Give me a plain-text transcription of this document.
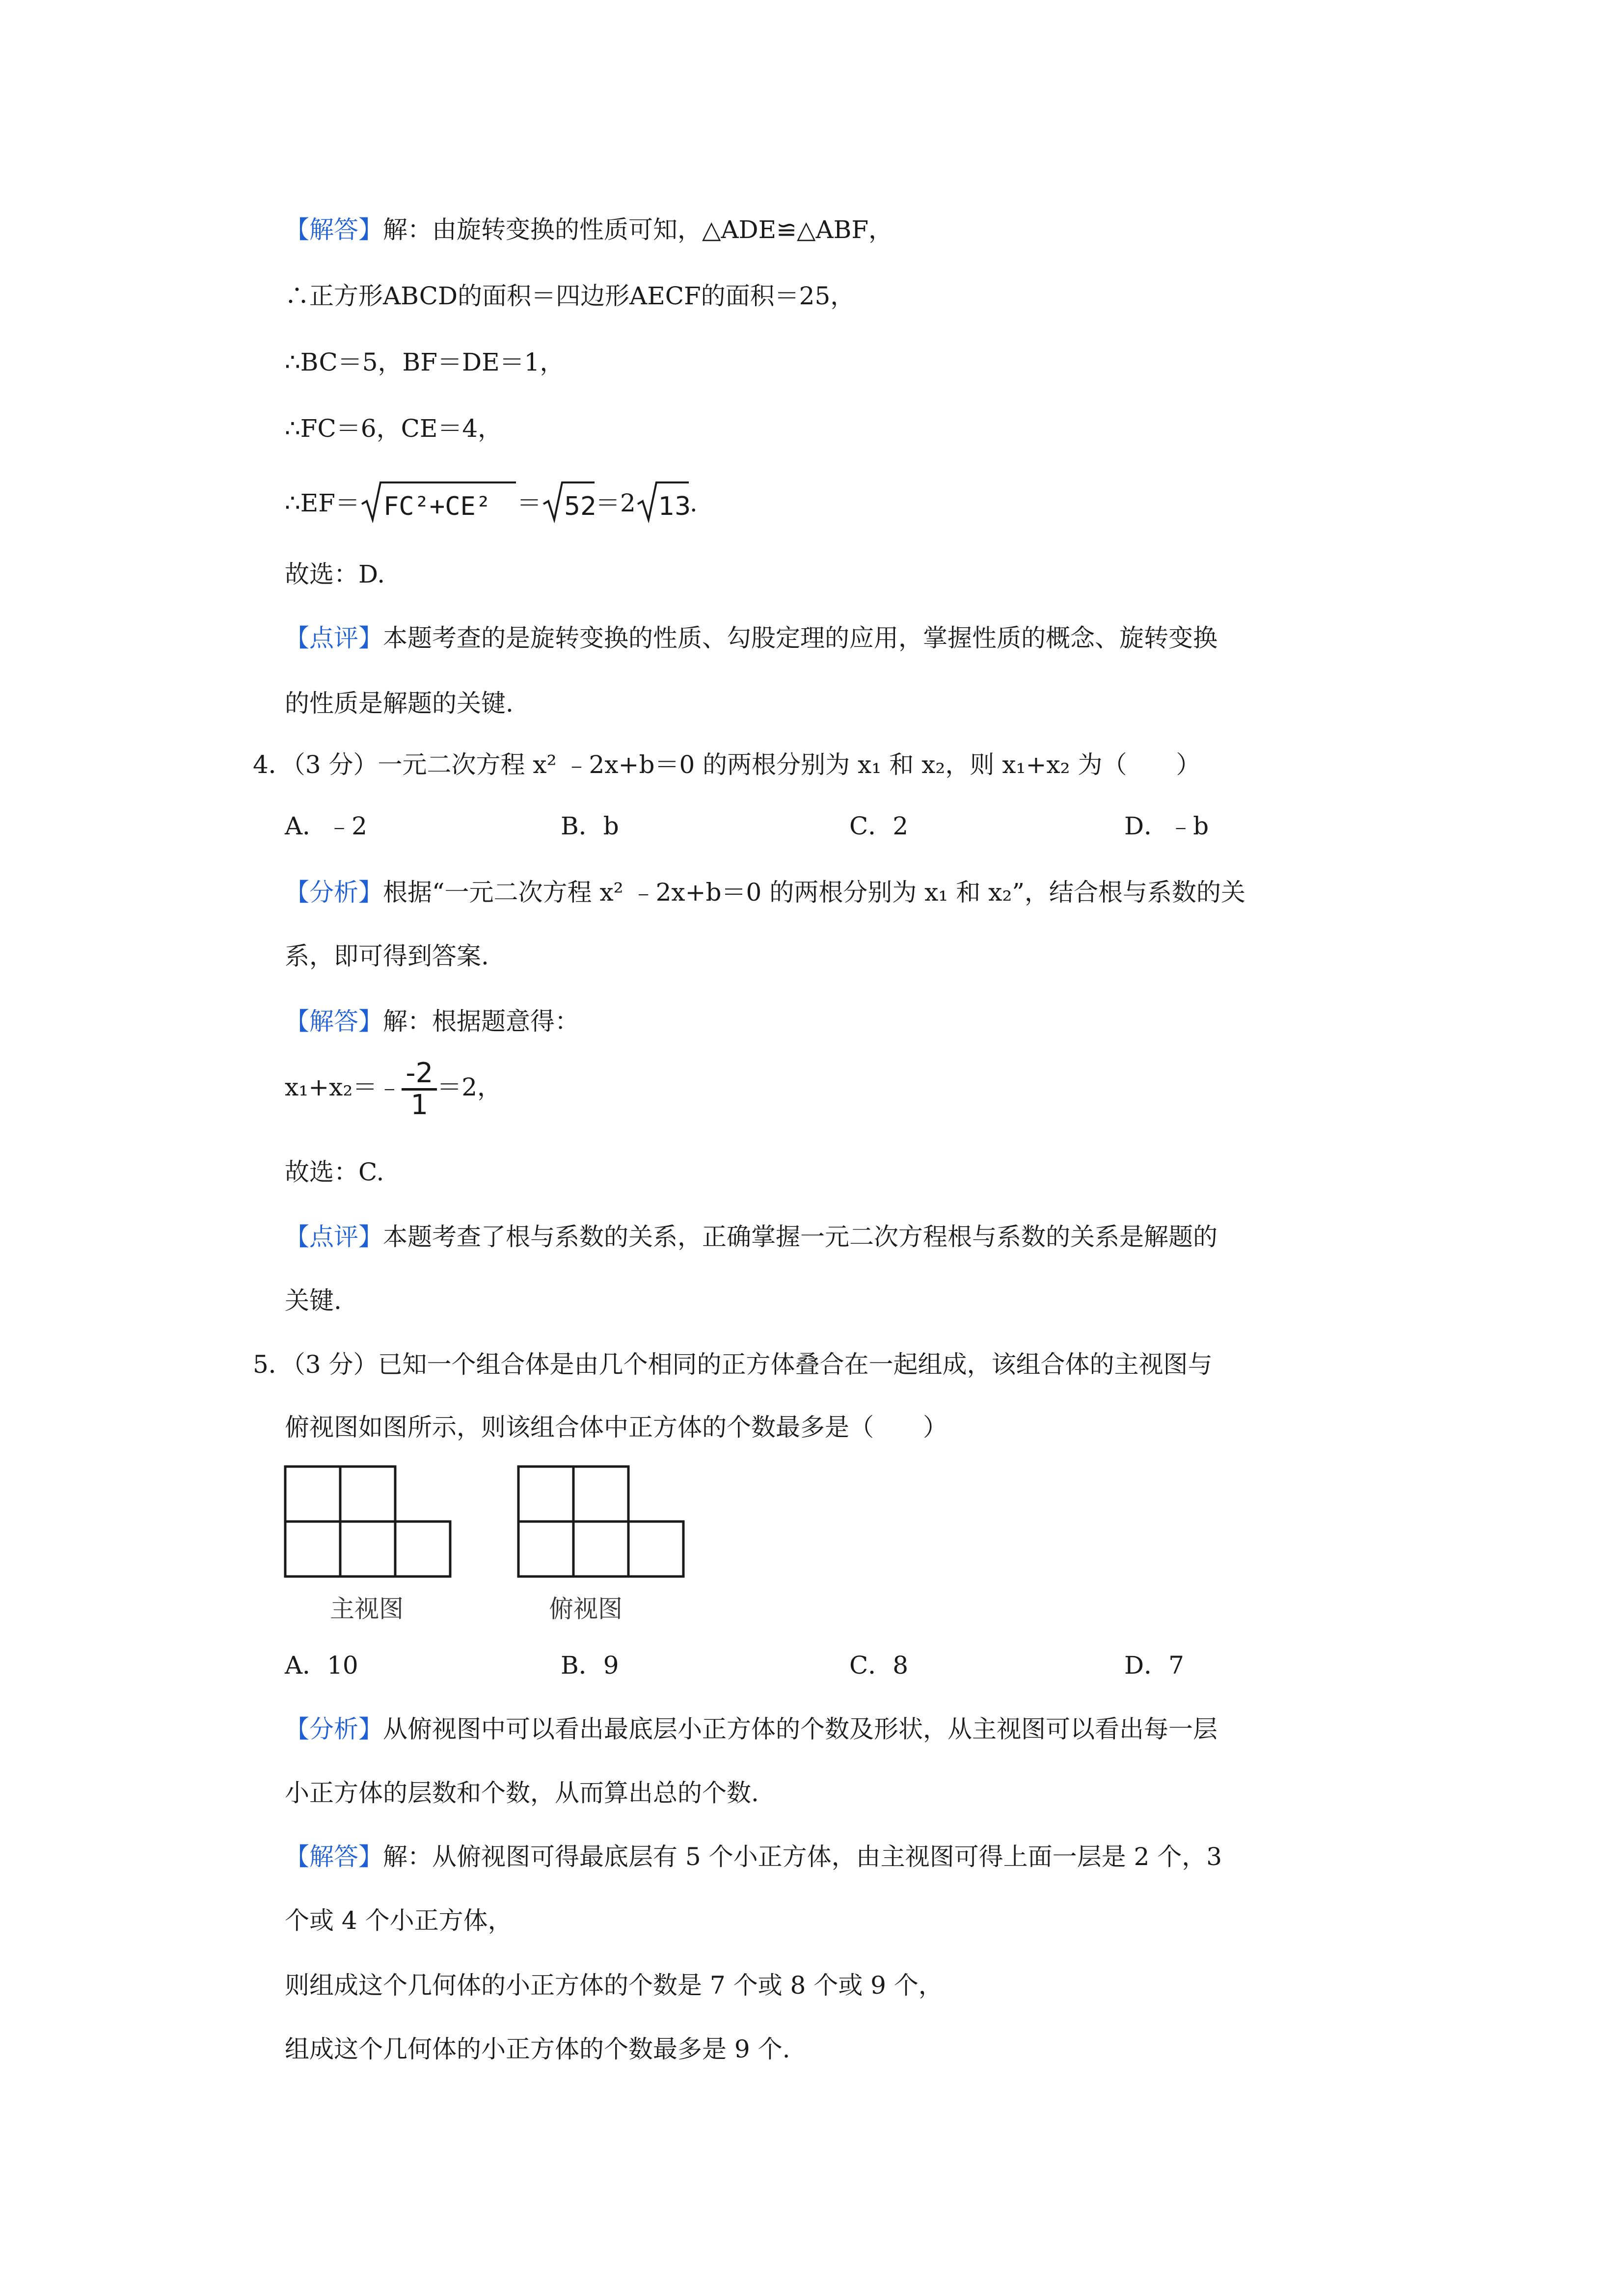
【解答】解：由旋转变换的性质可知，△ADE≌△ABF，
∴正方形ABCD的面积＝四边形AECF的面积＝25，
∴BC＝5，BF＝DE＝1，
∴FC＝6，CE＝4，
∴EF＝ FC²+CE² ＝ 52
＝2 13
.
故选：D.
【点评】本题考查的是旋转变换的性质、勾股定理的应用，掌握性质的概念、旋转变换
的性质是解题的关键.
4．（3 分）一元二次方程 x² ﹣2x+b＝0 的两根分别为 x₁ 和 x₂，则 x₁+x₂ 为（　　）
A．﹣2	B．b	C．2	D．﹣b
【分析】根据“一元二次方程 x² ﹣2x+b＝0 的两根分别为 x₁ 和 x₂”，结合根与系数的关
系，即可得到答案.
【解答】解：根据题意得：
x₁+x₂＝﹣ $\frac{-2}{1} =2$，
故选：C.
【点评】本题考查了根与系数的关系，正确掌握一元二次方程根与系数的关系是解题的
关键.
5．（3 分）已知一个组合体是由几个相同的正方体叠合在一起组成，该组合体的主视图与
俯视图如图所示，则该组合体中正方体的个数最多是（　　）
主视图	俯视图
A．10	B．9	C．8	D．7
【分析】从俯视图中可以看出最底层小正方体的个数及形状，从主视图可以看出每一层
小正方体的层数和个数，从而算出总的个数.
【解答】解：从俯视图可得最底层有 5 个小正方体，由主视图可得上面一层是 2 个，3
个或 4 个小正方体，
则组成这个几何体的小正方体的个数是 7 个或 8 个或 9 个，
组成这个几何体的小正方体的个数最多是 9 个.
